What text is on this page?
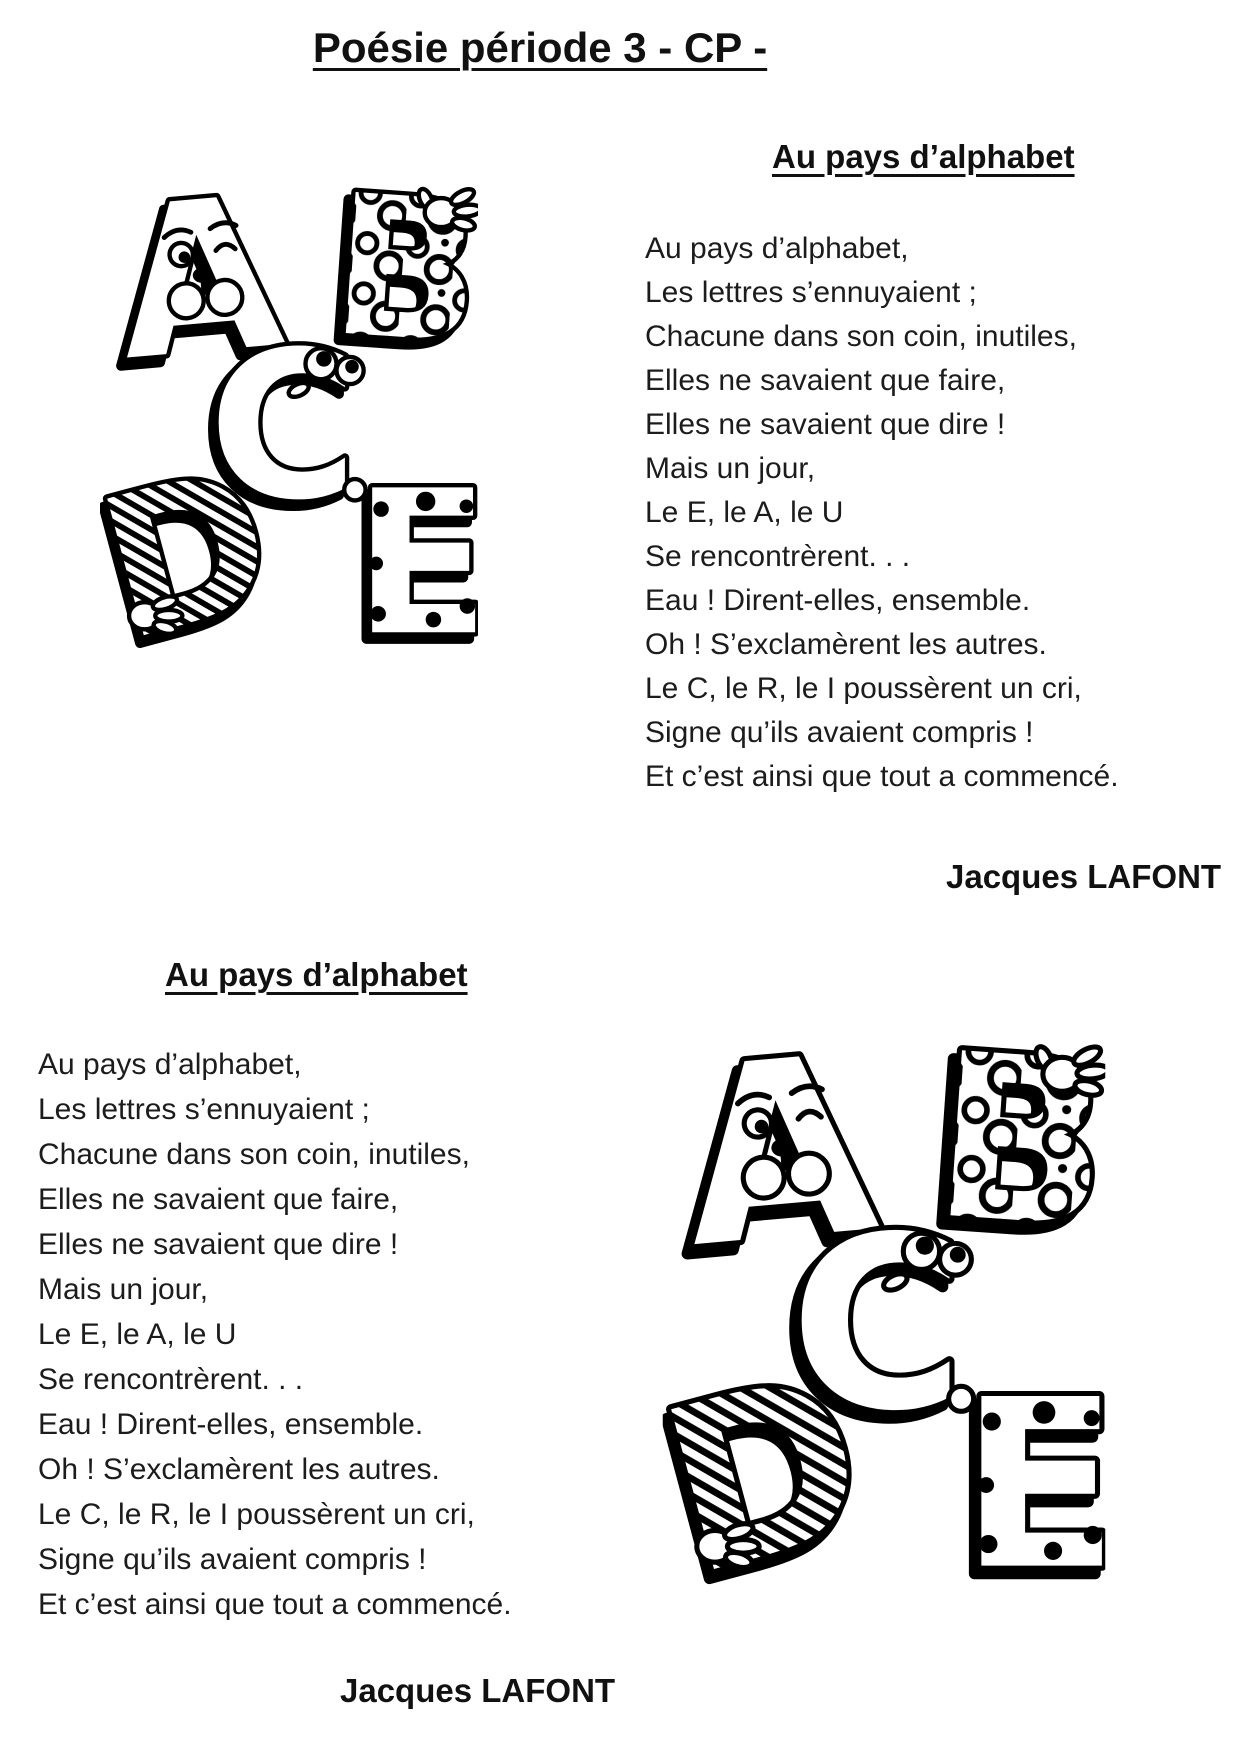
Poésie période 3 - CP -
Au pays d’alphabet

Au pays d’alphabet,

Les lettres s’ennuyaient ;

Chacune dans son coin, inutiles,

Elles ne savaient que faire,

Elles ne savaient que dire !

Mais un jour,

Le E, le A, le U

Se rencontrèrent. . .

Eau ! Dirent-elles, ensemble.

Oh ! S’exclamèrent les autres.

Le C, le R, le I poussèrent un cri,

Signe qu’ils avaient compris !

Et c’est ainsi que tout a commencé.

Jacques LAFONT
Au pays d’alphabet

Au pays d’alphabet,

Les lettres s’ennuyaient ;

Chacune dans son coin, inutiles,

Elles ne savaient que faire,

Elles ne savaient que dire !

Mais un jour,

Le E, le A, le U

Se rencontrèrent. . .

Eau ! Dirent-elles, ensemble.

Oh ! S’exclamèrent les autres.

Le C, le R, le I poussèrent un cri,

Signe qu’ils avaient compris !

Et c’est ainsi que tout a commencé.

Jacques LAFONT
